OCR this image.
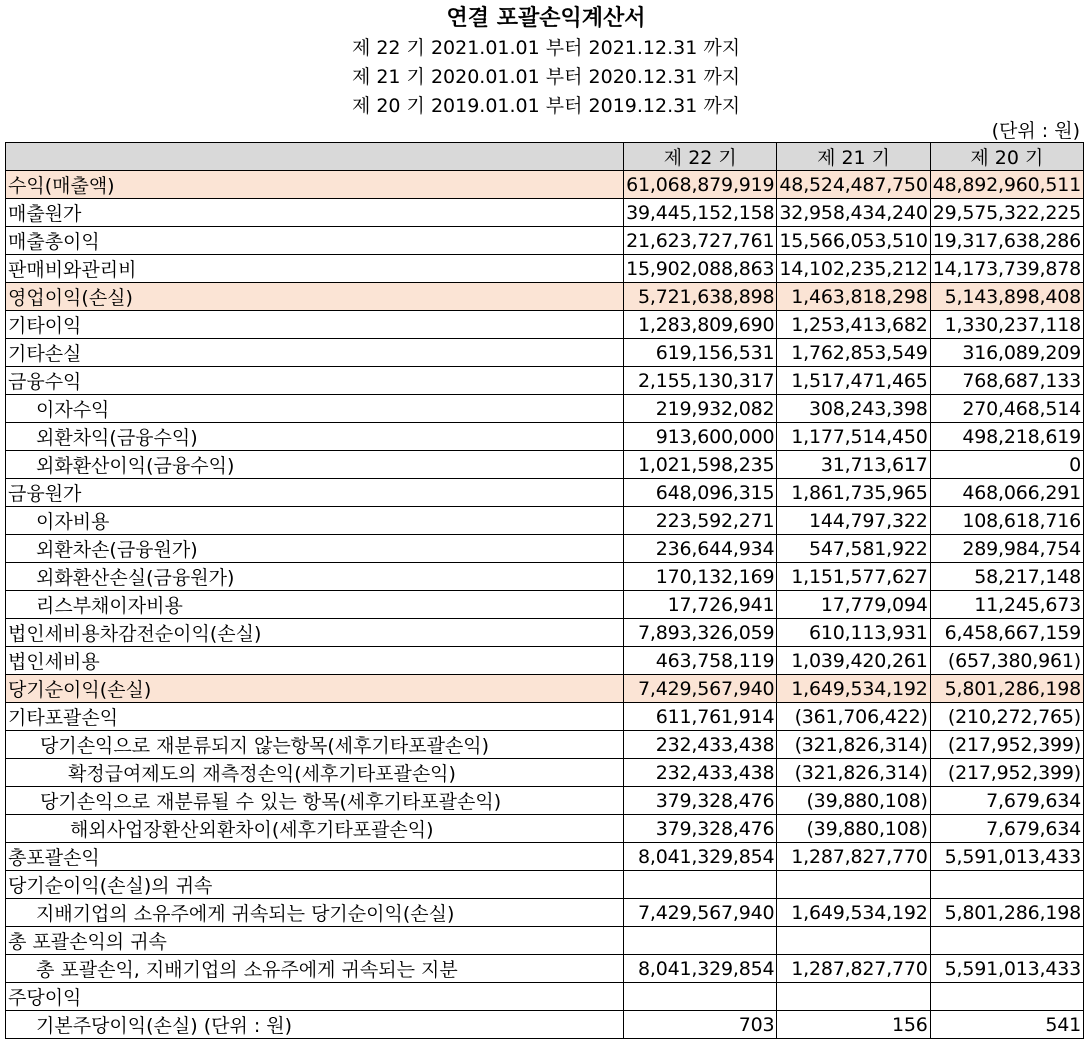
연결 포괄손익계산서
제 22 기 2021.01.01 부터 2021.12.31 까지
제 21 기 2020.01.01 부터 2020.12.31 까지
제 20 기 2019.01.01 부터 2019.12.31 까지
(단위 : 원)
	제 22 기	제 21 기	제 20 기
수익(매출액)	61,068,879,919	48,524,487,750	48,892,960,511
매출원가	39,445,152,158	32,958,434,240	29,575,322,225
매출총이익	21,623,727,761	15,566,053,510	19,317,638,286
판매비와관리비	15,902,088,863	14,102,235,212	14,173,739,878
영업이익(손실)	5,721,638,898	1,463,818,298	5,143,898,408
기타이익	1,283,809,690	1,253,413,682	1,330,237,118
기타손실	619,156,531	1,762,853,549	316,089,209
금융수익	2,155,130,317	1,517,471,465	768,687,133
이자수익	219,932,082	308,243,398	270,468,514
외환차익(금융수익)	913,600,000	1,177,514,450	498,218,619
외화환산이익(금융수익)	1,021,598,235	31,713,617	0
금융원가	648,096,315	1,861,735,965	468,066,291
이자비용	223,592,271	144,797,322	108,618,716
외환차손(금융원가)	236,644,934	547,581,922	289,984,754
외화환산손실(금융원가)	170,132,169	1,151,577,627	58,217,148
리스부채이자비용	17,726,941	17,779,094	11,245,673
법인세비용차감전순이익(손실)	7,893,326,059	610,113,931	6,458,667,159
법인세비용	463,758,119	1,039,420,261	(657,380,961)
당기순이익(손실)	7,429,567,940	1,649,534,192	5,801,286,198
기타포괄손익	611,761,914	(361,706,422)	(210,272,765)
당기손익으로 재분류되지 않는항목(세후기타포괄손익)	232,433,438	(321,826,314)	(217,952,399)
확정급여제도의 재측정손익(세후기타포괄손익)	232,433,438	(321,826,314)	(217,952,399)
당기손익으로 재분류될 수 있는 항목(세후기타포괄손익)	379,328,476	(39,880,108)	7,679,634
해외사업장환산외환차이(세후기타포괄손익)	379,328,476	(39,880,108)	7,679,634
총포괄손익	8,041,329,854	1,287,827,770	5,591,013,433
당기순이익(손실)의 귀속			
지배기업의 소유주에게 귀속되는 당기순이익(손실)	7,429,567,940	1,649,534,192	5,801,286,198
총 포괄손익의 귀속			
총 포괄손익, 지배기업의 소유주에게 귀속되는 지분	8,041,329,854	1,287,827,770	5,591,013,433
주당이익			
기본주당이익(손실) (단위 : 원)	703	156	541
